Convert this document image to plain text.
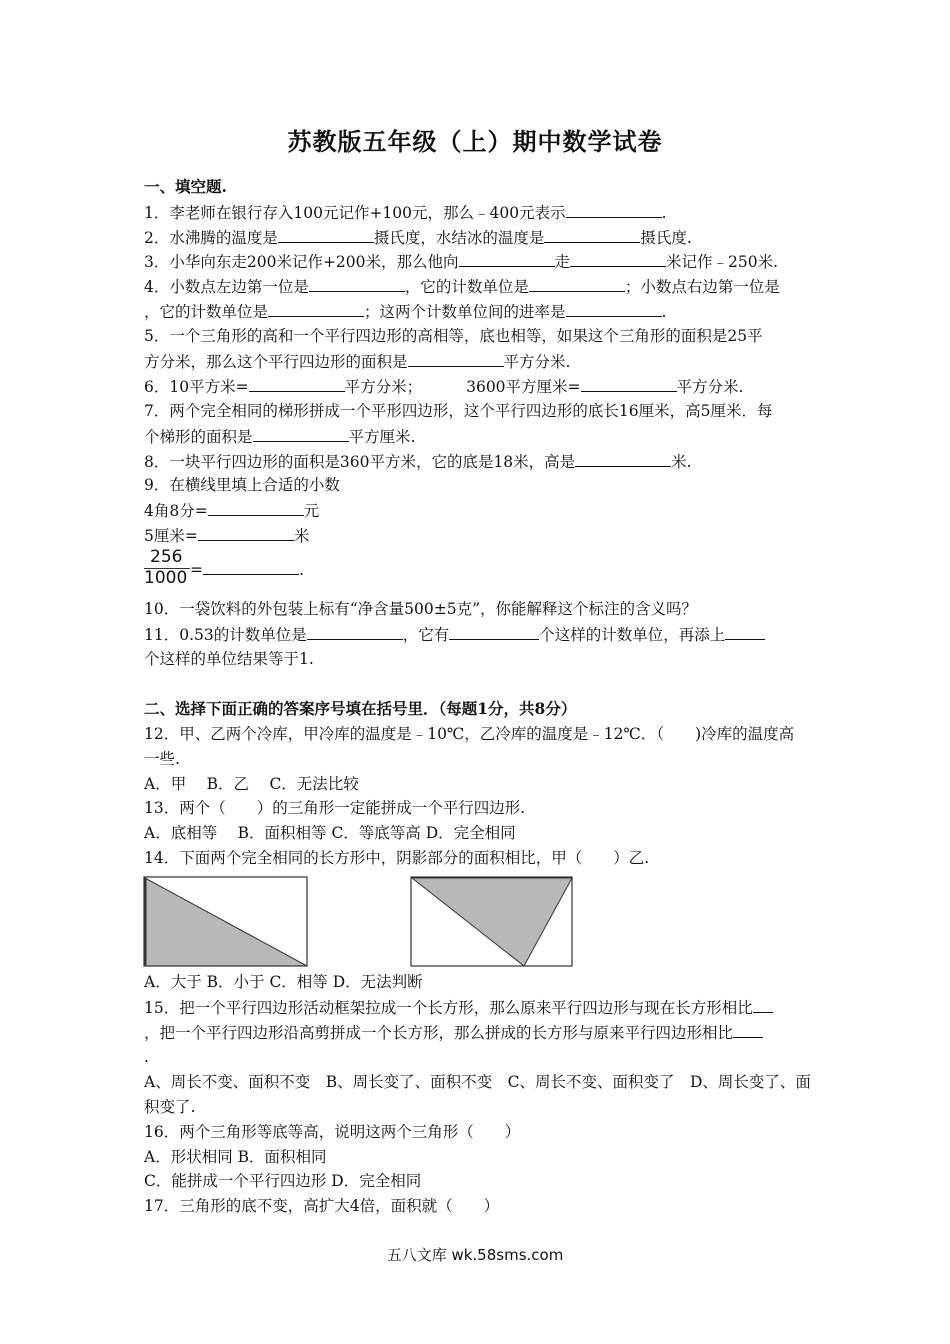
苏教版五年级（上）期中数学试卷
一、填空题.
1．李老师在银行存入100元记作+100元，那么﹣400元表示	.
2．水沸腾的温度是	摄氏度，水结冰的温度是	摄氏度.
3．小华向东走200米记作+200米，那么他向	走	米记作﹣250米.
4．小数点左边第一位是	，它的计数单位是	；小数点右边第一位是
，它的计数单位是	；这两个计数单位间的进率是	.
5．一个三角形的高和一个平行四边形的高相等，底也相等，如果这个三角形的面积是25平
方分米，那么这个平行四边形的面积是	平方分米.
6．10平方米=	平方分米；	3600平方厘米=	平方分米.
7．两个完全相同的梯形拼成一个平形四边形，这个平行四边形的底长16厘米，高5厘米．每
个梯形的面积是	平方厘米.
8．一块平行四边形的面积是360平方米，它的底是18米，高是	米.
9．在横线里填上合适的小数
4角8分=	元
5厘米=	米
256
1000 =	.
10．一袋饮料的外包装上标有“净含量500±5克”，你能解释这个标注的含义吗？
11．0.53的计数单位是	，它有	个这样的计数单位，再添上
个这样的单位结果等于1.
二、选择下面正确的答案序号填在括号里．（每题1分，共8分）
12．甲、乙两个冷库，甲冷库的温度是﹣10℃，乙冷库的温度是﹣12℃．（　　)冷库的温度高
一些.
A．甲　 B．乙　 C．无法比较
13．两个（　　）的三角形一定能拼成一个平行四边形.
A．底相等　 B．面积相等 C．等底等高 D．完全相同
14．下面两个完全相同的长方形中，阴影部分的面积相比，甲（　　）乙.
A．大于 B．小于 C．相等 D．无法判断
15．把一个平行四边形活动框架拉成一个长方形，那么原来平行四边形与现在长方形相比
，把一个平行四边形沿高剪拼成一个长方形，那么拼成的长方形与原来平行四边形相比
.
A、周长不变、面积不变　B、周长变了、面积不变　C、周长不变、面积变了　D、周长变了、面
积变了.
16．两个三角形等底等高，说明这两个三角形（　　）
A．形状相同 B．面积相同
C．能拼成一个平行四边形 D．完全相同
17．三角形的底不变，高扩大4倍，面积就（　　）
五八文库 wk.58sms.com
